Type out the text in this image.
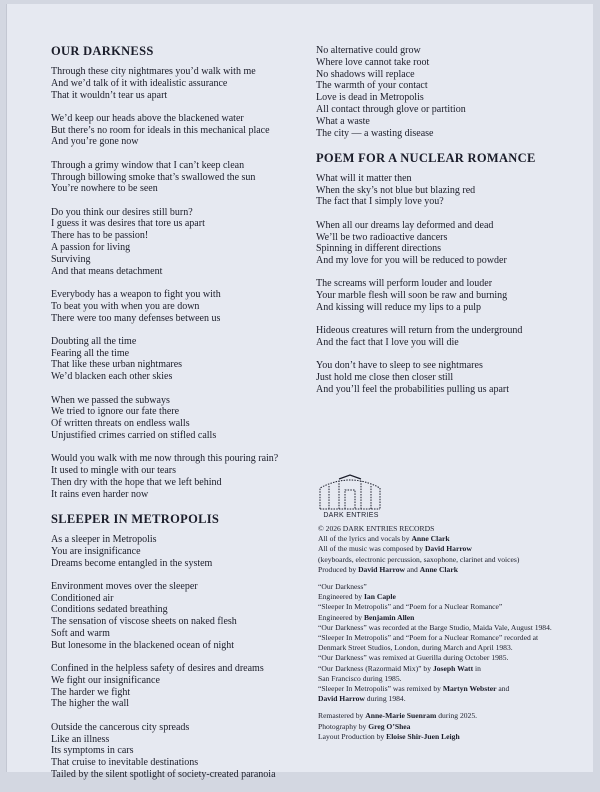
OUR DARKNESS
Through these city nightmares you’d walk with me
And we’d talk of it with idealistic assurance
That it wouldn’t tear us apart
We’d keep our heads above the blackened water
But there’s no room for ideals in this mechanical place
And you’re gone now
Through a grimy window that I can’t keep clean
Through billowing smoke that’s swallowed the sun
You’re nowhere to be seen
Do you think our desires still burn?
I guess it was desires that tore us apart
There has to be passion!
A passion for living
Surviving
And that means detachment
Everybody has a weapon to fight you with
To beat you with when you are down
There were too many defenses between us
Doubting all the time
Fearing all the time
That like these urban nightmares
We’d blacken each other skies
When we passed the subways
We tried to ignore our fate there
Of written threats on endless walls
Unjustified crimes carried on stifled calls
Would you walk with me now through this pouring rain?
It used to mingle with our tears
Then dry with the hope that we left behind
It rains even harder now
SLEEPER IN METROPOLIS
As a sleeper in Metropolis
You are insignificance
Dreams become entangled in the system
Environment moves over the sleeper
Conditioned air
Conditions sedated breathing
The sensation of viscose sheets on naked flesh
Soft and warm
But lonesome in the blackened ocean of night
Confined in the helpless safety of desires and dreams
We fight our insignificance
The harder we fight
The higher the wall
Outside the cancerous city spreads
Like an illness
Its symptoms in cars
That cruise to inevitable destinations
Tailed by the silent spotlight of society-created paranoia
No alternative could grow
Where love cannot take root
No shadows will replace
The warmth of your contact
Love is dead in Metropolis
All contact through glove or partition
What a waste
The city — a wasting disease
POEM FOR A NUCLEAR ROMANCE
What will it matter then
When the sky’s not blue but blazing red
The fact that I simply love you?
When all our dreams lay deformed and dead
We’ll be two radioactive dancers
Spinning in different directions
And my love for you will be reduced to powder
The screams will perform louder and louder
Your marble flesh will soon be raw and burning
And kissing will reduce my lips to a pulp
Hideous creatures will return from the underground
And the fact that I love you will die
You don’t have to sleep to see nightmares
Just hold me close then closer still
And you’ll feel the probabilities pulling us apart
DARK ENTRIES
© 2026 DARK ENTRIES RECORDS
All of the lyrics and vocals by Anne Clark
All of the music was composed by David Harrow
(keyboards, electronic percussion, saxophone, clarinet and voices)
Produced by David Harrow and Anne Clark
“Our Darkness”
Engineered by Ian Caple
“Sleeper In Metropolis” and “Poem for a Nuclear Romance”
Engineered by Benjamin Allen
“Our Darkness” was recorded at the Barge Studio, Maida Vale, August 1984.
“Sleeper In Metropolis” and “Poem for a Nuclear Romance” recorded at
Denmark Street Studios, London, during March and April 1983.
“Our Darkness” was remixed at Guerilla during October 1985.
“Our Darkness (Razormaid Mix)” by Joseph Watt in
San Francisco during 1985.
“Sleeper In Metropolis” was remixed by Martyn Webster and
David Harrow during 1984.
Remastered by Anne-Marie Suenram during 2025.
Photography by Greg O’Shea
Layout Production by Eloise Shir-Juen Leigh
